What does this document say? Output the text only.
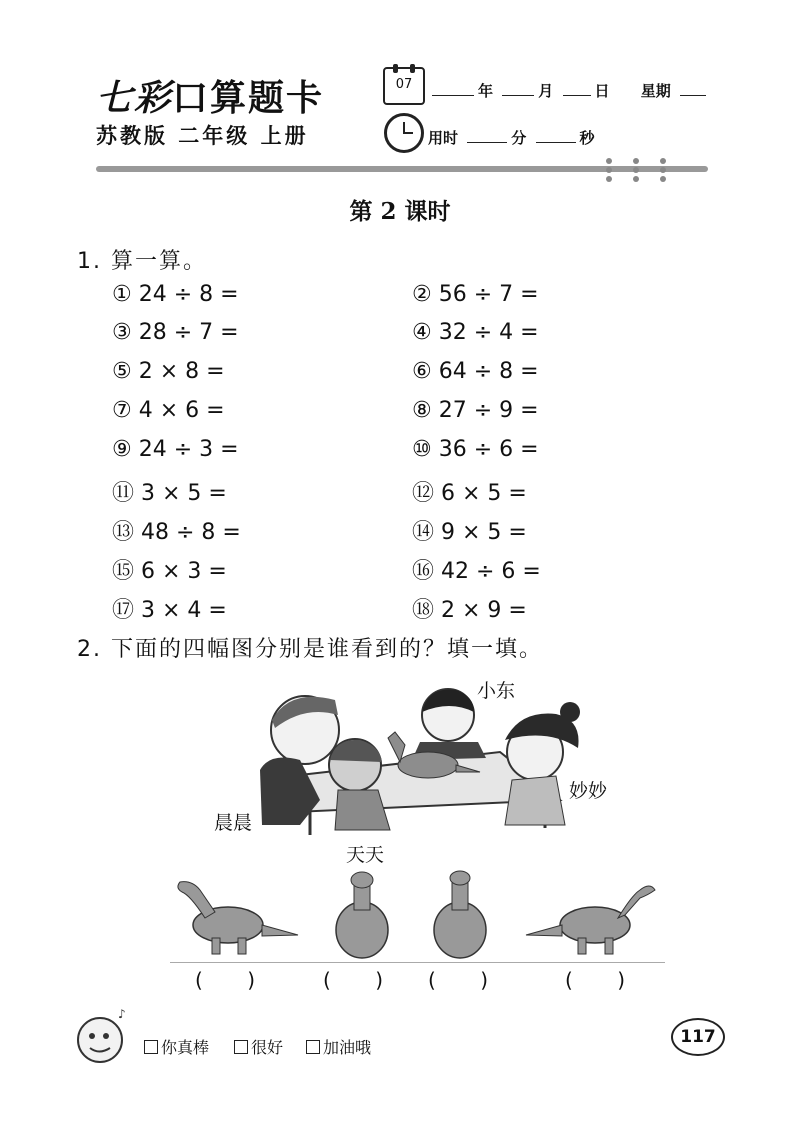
七彩口算题卡
苏教版 二年级 上册
07	年	月	日 星期
用时	分	秒
第 2 课时
1. 算一算。
① 24 ÷ 8 =	② 56 ÷ 7 =
③ 28 ÷ 7 =	④ 32 ÷ 4 =
⑤ 2 × 8 =	⑥ 64 ÷ 8 =
⑦ 4 × 6 =	⑧ 27 ÷ 9 =
⑨ 24 ÷ 3 =	⑩ 36 ÷ 6 =
⑪ 3 × 5 =	⑫ 6 × 5 =
⑬ 48 ÷ 8 =	⑭ 9 × 5 =
⑮ 6 × 3 =	⑯ 42 ÷ 6 =
⑰ 3 × 4 =	⑱ 2 × 9 =
2. 下面的四幅图分别是谁看到的？填一填。
♪
小东
妙妙
晨晨
天天
(       )	(       ) (       )	(       )
你真棒	很好	加油哦
117
